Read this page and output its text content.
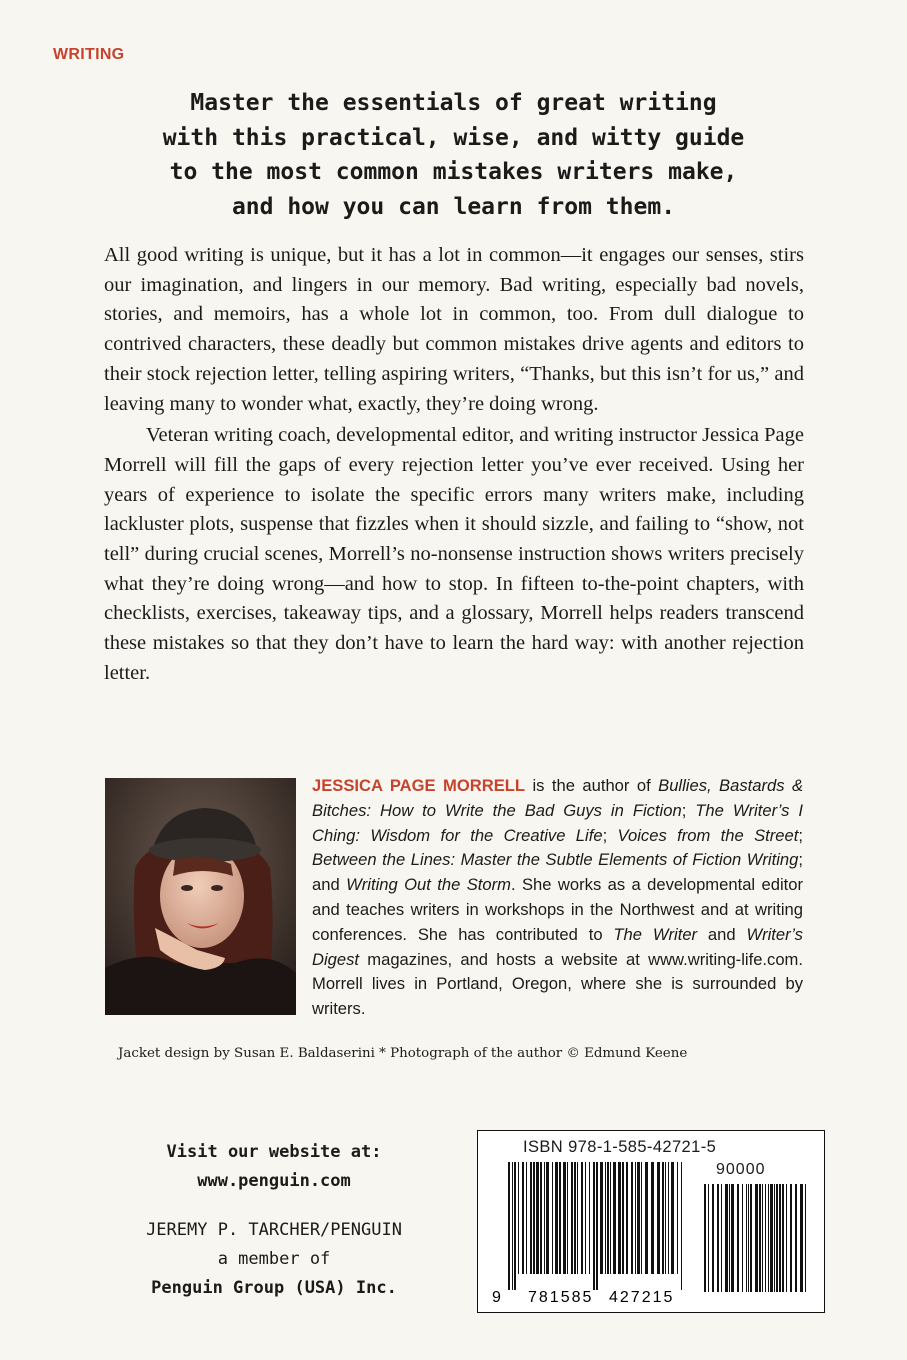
WRITING
Master the essentials of great writing
with this practical, wise, and witty guide
to the most common mistakes writers make,
and how you can learn from them.

All good writing is unique, but it has a lot in common—it engages our senses, stirs our imagination, and lingers in our memory. Bad writing, especially bad novels, stories, and memoirs, has a whole lot in common, too. From dull dialogue to contrived characters, these deadly but common mistakes drive agents and editors to their stock rejection letter, telling aspiring writers, “Thanks, but this isn’t for us,” and leaving many to wonder what, exactly, they’re doing wrong.

Veteran writing coach, developmental editor, and writing instructor Jessica Page Morrell will fill the gaps of every rejection letter you’ve ever received. Using her years of experience to isolate the specific errors many writers make, including lackluster plots, suspense that fizzles when it should sizzle, and failing to “show, not tell” during crucial scenes, Morrell’s no-nonsense instruction shows writers precisely what they’re doing wrong—and how to stop. In fifteen to-the-point chapters, with checklists, exercises, takeaway tips, and a glossary, Morrell helps readers transcend these mistakes so that they don’t have to learn the hard way: with another rejection letter.

JESSICA PAGE MORRELL is the author of Bullies, Bastards & Bitches: How to Write the Bad Guys in Fiction; The Writer’s I Ching: Wisdom for the Creative Life; Voices from the Street; Between the Lines: Master the Subtle Elements of Fiction Writing; and Writing Out the Storm. She works as a developmental editor and teaches writers in workshops in the Northwest and at writing conferences. She has contributed to The Writer and Writer’s Digest magazines, and hosts a website at www.writing-life.com. Morrell lives in Portland, Oregon, where she is surrounded by writers.
Jacket design by Susan E. Baldaserini * Photograph of the author © Edmund Keene
Visit our website at:
www.penguin.com
JEREMY P. TARCHER/PENGUIN
a member of
Penguin Group (USA) Inc.
ISBN 978-1-585-42721-5
90000
9 781585 427215
